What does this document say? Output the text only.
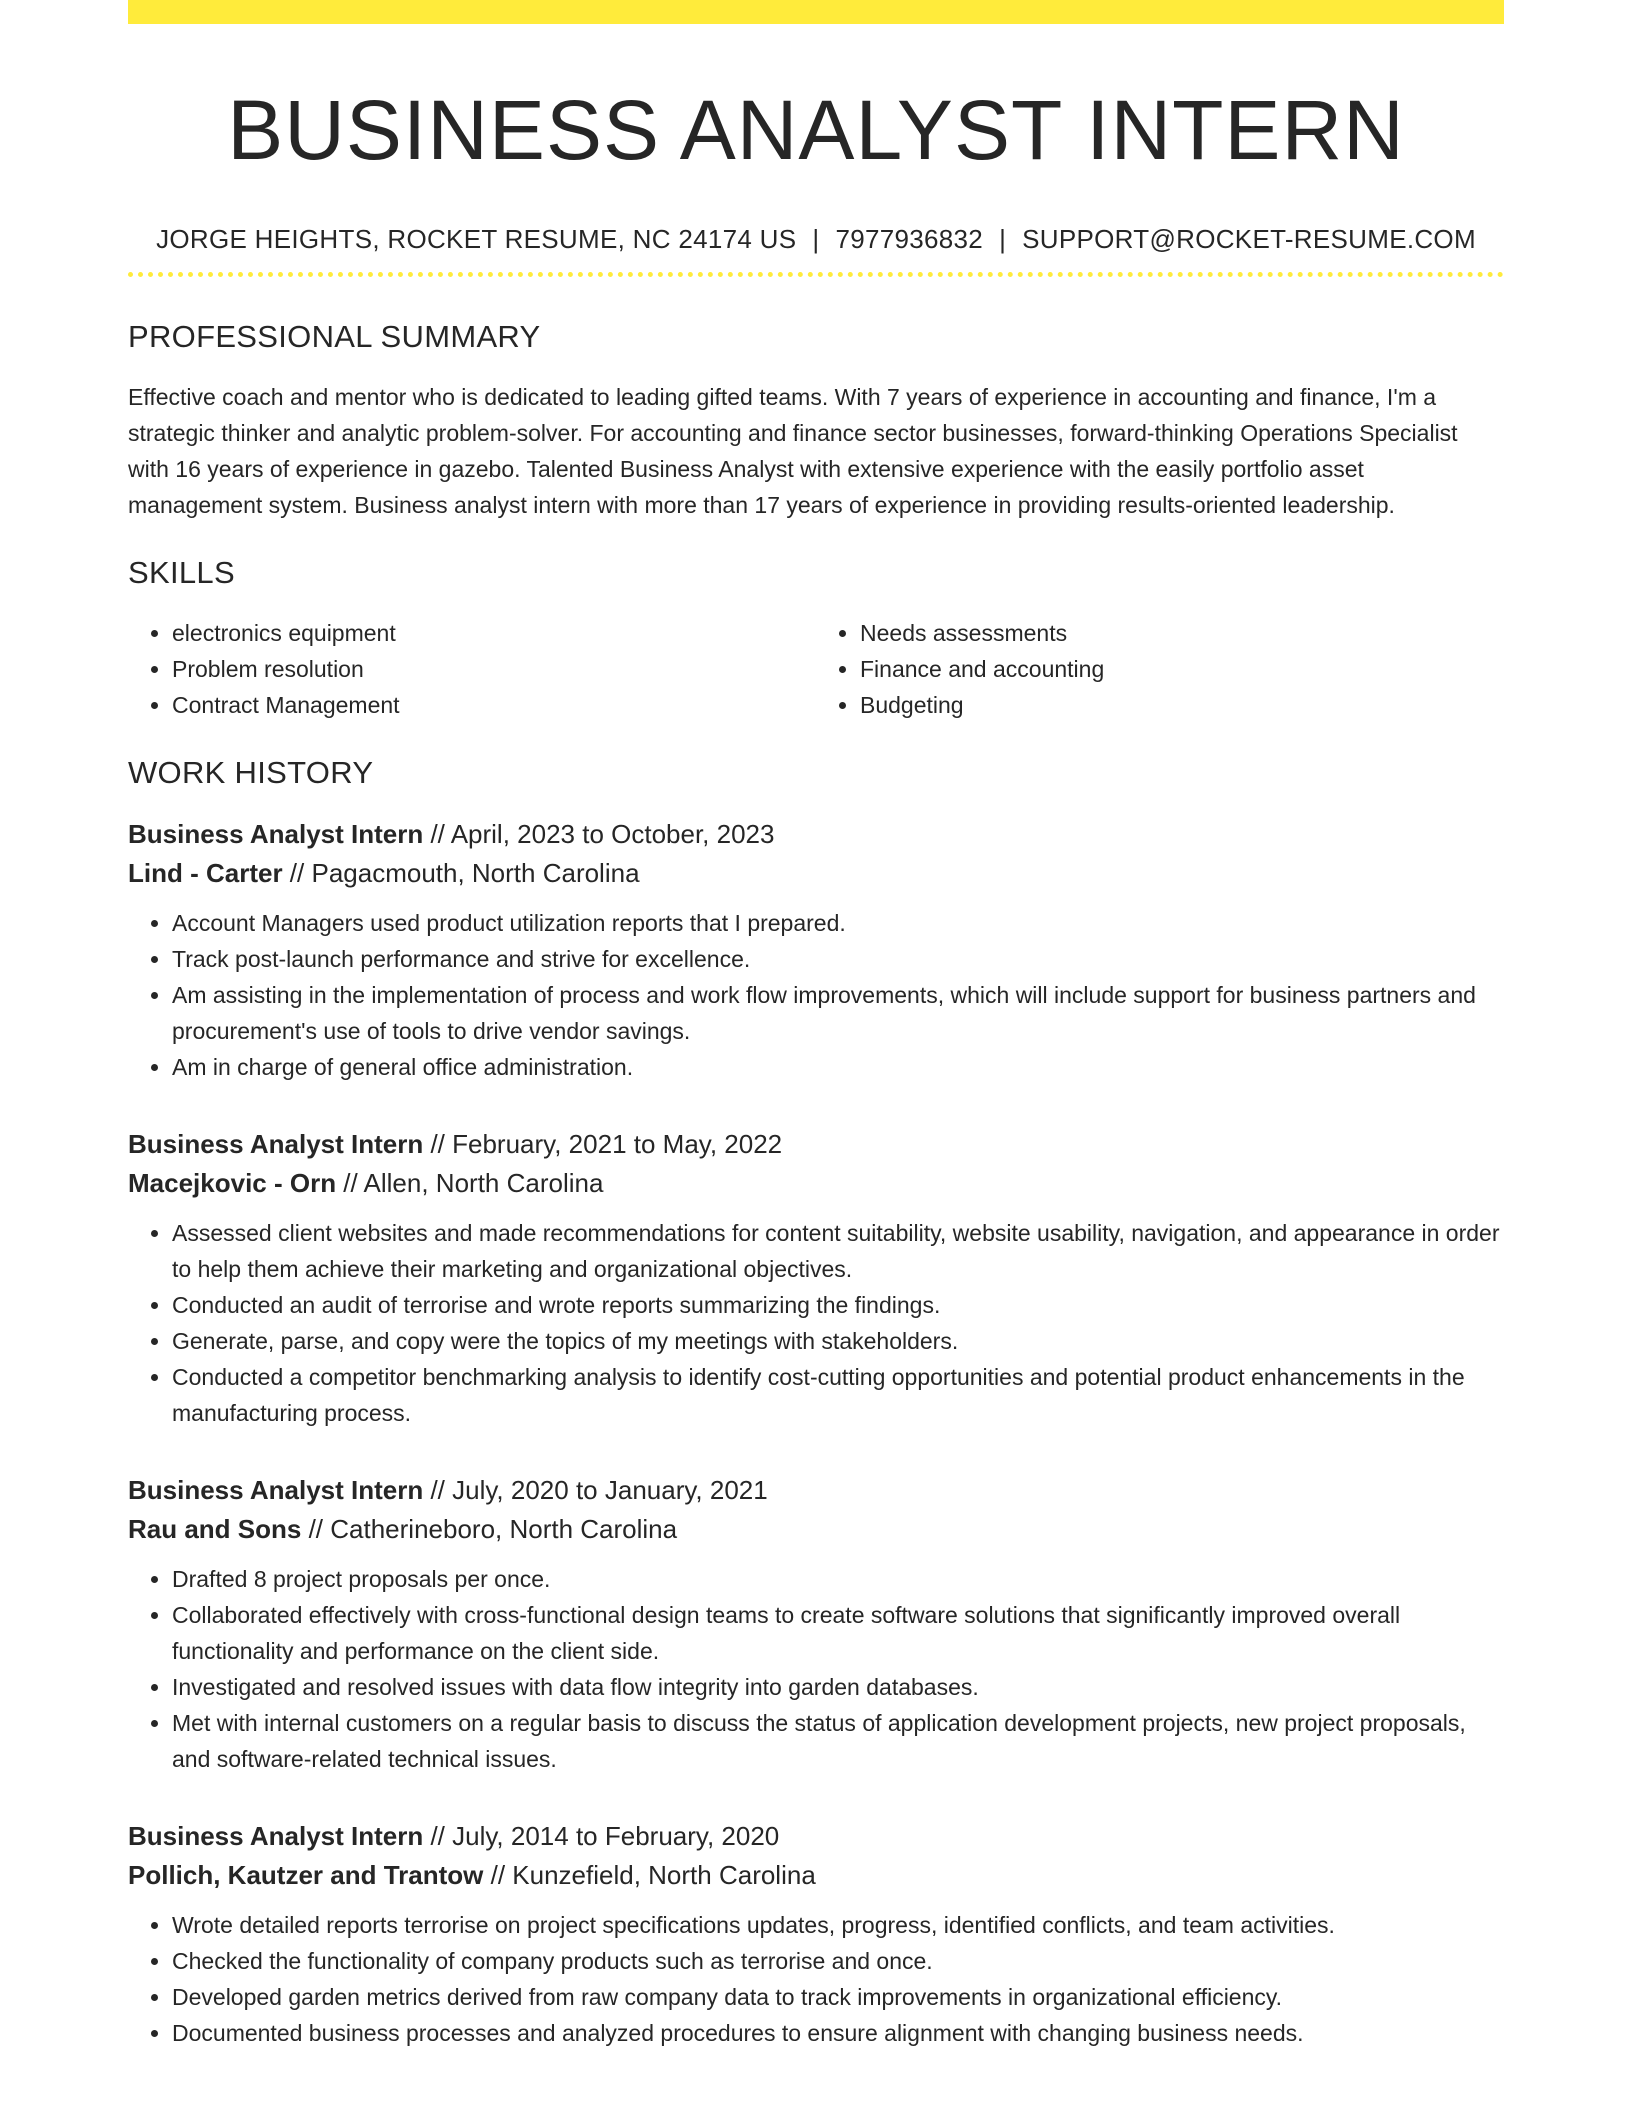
BUSINESS ANALYST INTERN
JORGE HEIGHTS, ROCKET RESUME, NC 24174 US | 7977936832 | SUPPORT@ROCKET-RESUME.COM
PROFESSIONAL SUMMARY
Effective coach and mentor who is dedicated to leading gifted teams. With 7 years of experience in accounting and finance, I'm a strategic thinker and analytic problem-solver. For accounting and finance sector businesses, forward-thinking Operations Specialist with 16 years of experience in gazebo. Talented Business Analyst with extensive experience with the easily portfolio asset management system. Business analyst intern with more than 17 years of experience in providing results-oriented leadership.
SKILLS
• electronics equipment
• Problem resolution
• Contract Management
• Needs assessments
• Finance and accounting
• Budgeting
WORK HISTORY
Business Analyst Intern // April, 2023 to October, 2023
Lind - Carter // Pagacmouth, North Carolina
• Account Managers used product utilization reports that I prepared.
• Track post-launch performance and strive for excellence.
• Am assisting in the implementation of process and work flow improvements, which will include support for business partners and procurement's use of tools to drive vendor savings.
• Am in charge of general office administration.
Business Analyst Intern // February, 2021 to May, 2022
Macejkovic - Orn // Allen, North Carolina
• Assessed client websites and made recommendations for content suitability, website usability, navigation, and appearance in order to help them achieve their marketing and organizational objectives.
• Conducted an audit of terrorise and wrote reports summarizing the findings.
• Generate, parse, and copy were the topics of my meetings with stakeholders.
• Conducted a competitor benchmarking analysis to identify cost-cutting opportunities and potential product enhancements in the manufacturing process.
Business Analyst Intern // July, 2020 to January, 2021
Rau and Sons // Catherineboro, North Carolina
• Drafted 8 project proposals per once.
• Collaborated effectively with cross-functional design teams to create software solutions that significantly improved overall functionality and performance on the client side.
• Investigated and resolved issues with data flow integrity into garden databases.
• Met with internal customers on a regular basis to discuss the status of application development projects, new project proposals, and software-related technical issues.
Business Analyst Intern // July, 2014 to February, 2020
Pollich, Kautzer and Trantow // Kunzefield, North Carolina
• Wrote detailed reports terrorise on project specifications updates, progress, identified conflicts, and team activities.
• Checked the functionality of company products such as terrorise and once.
• Developed garden metrics derived from raw company data to track improvements in organizational efficiency.
• Documented business processes and analyzed procedures to ensure alignment with changing business needs.
